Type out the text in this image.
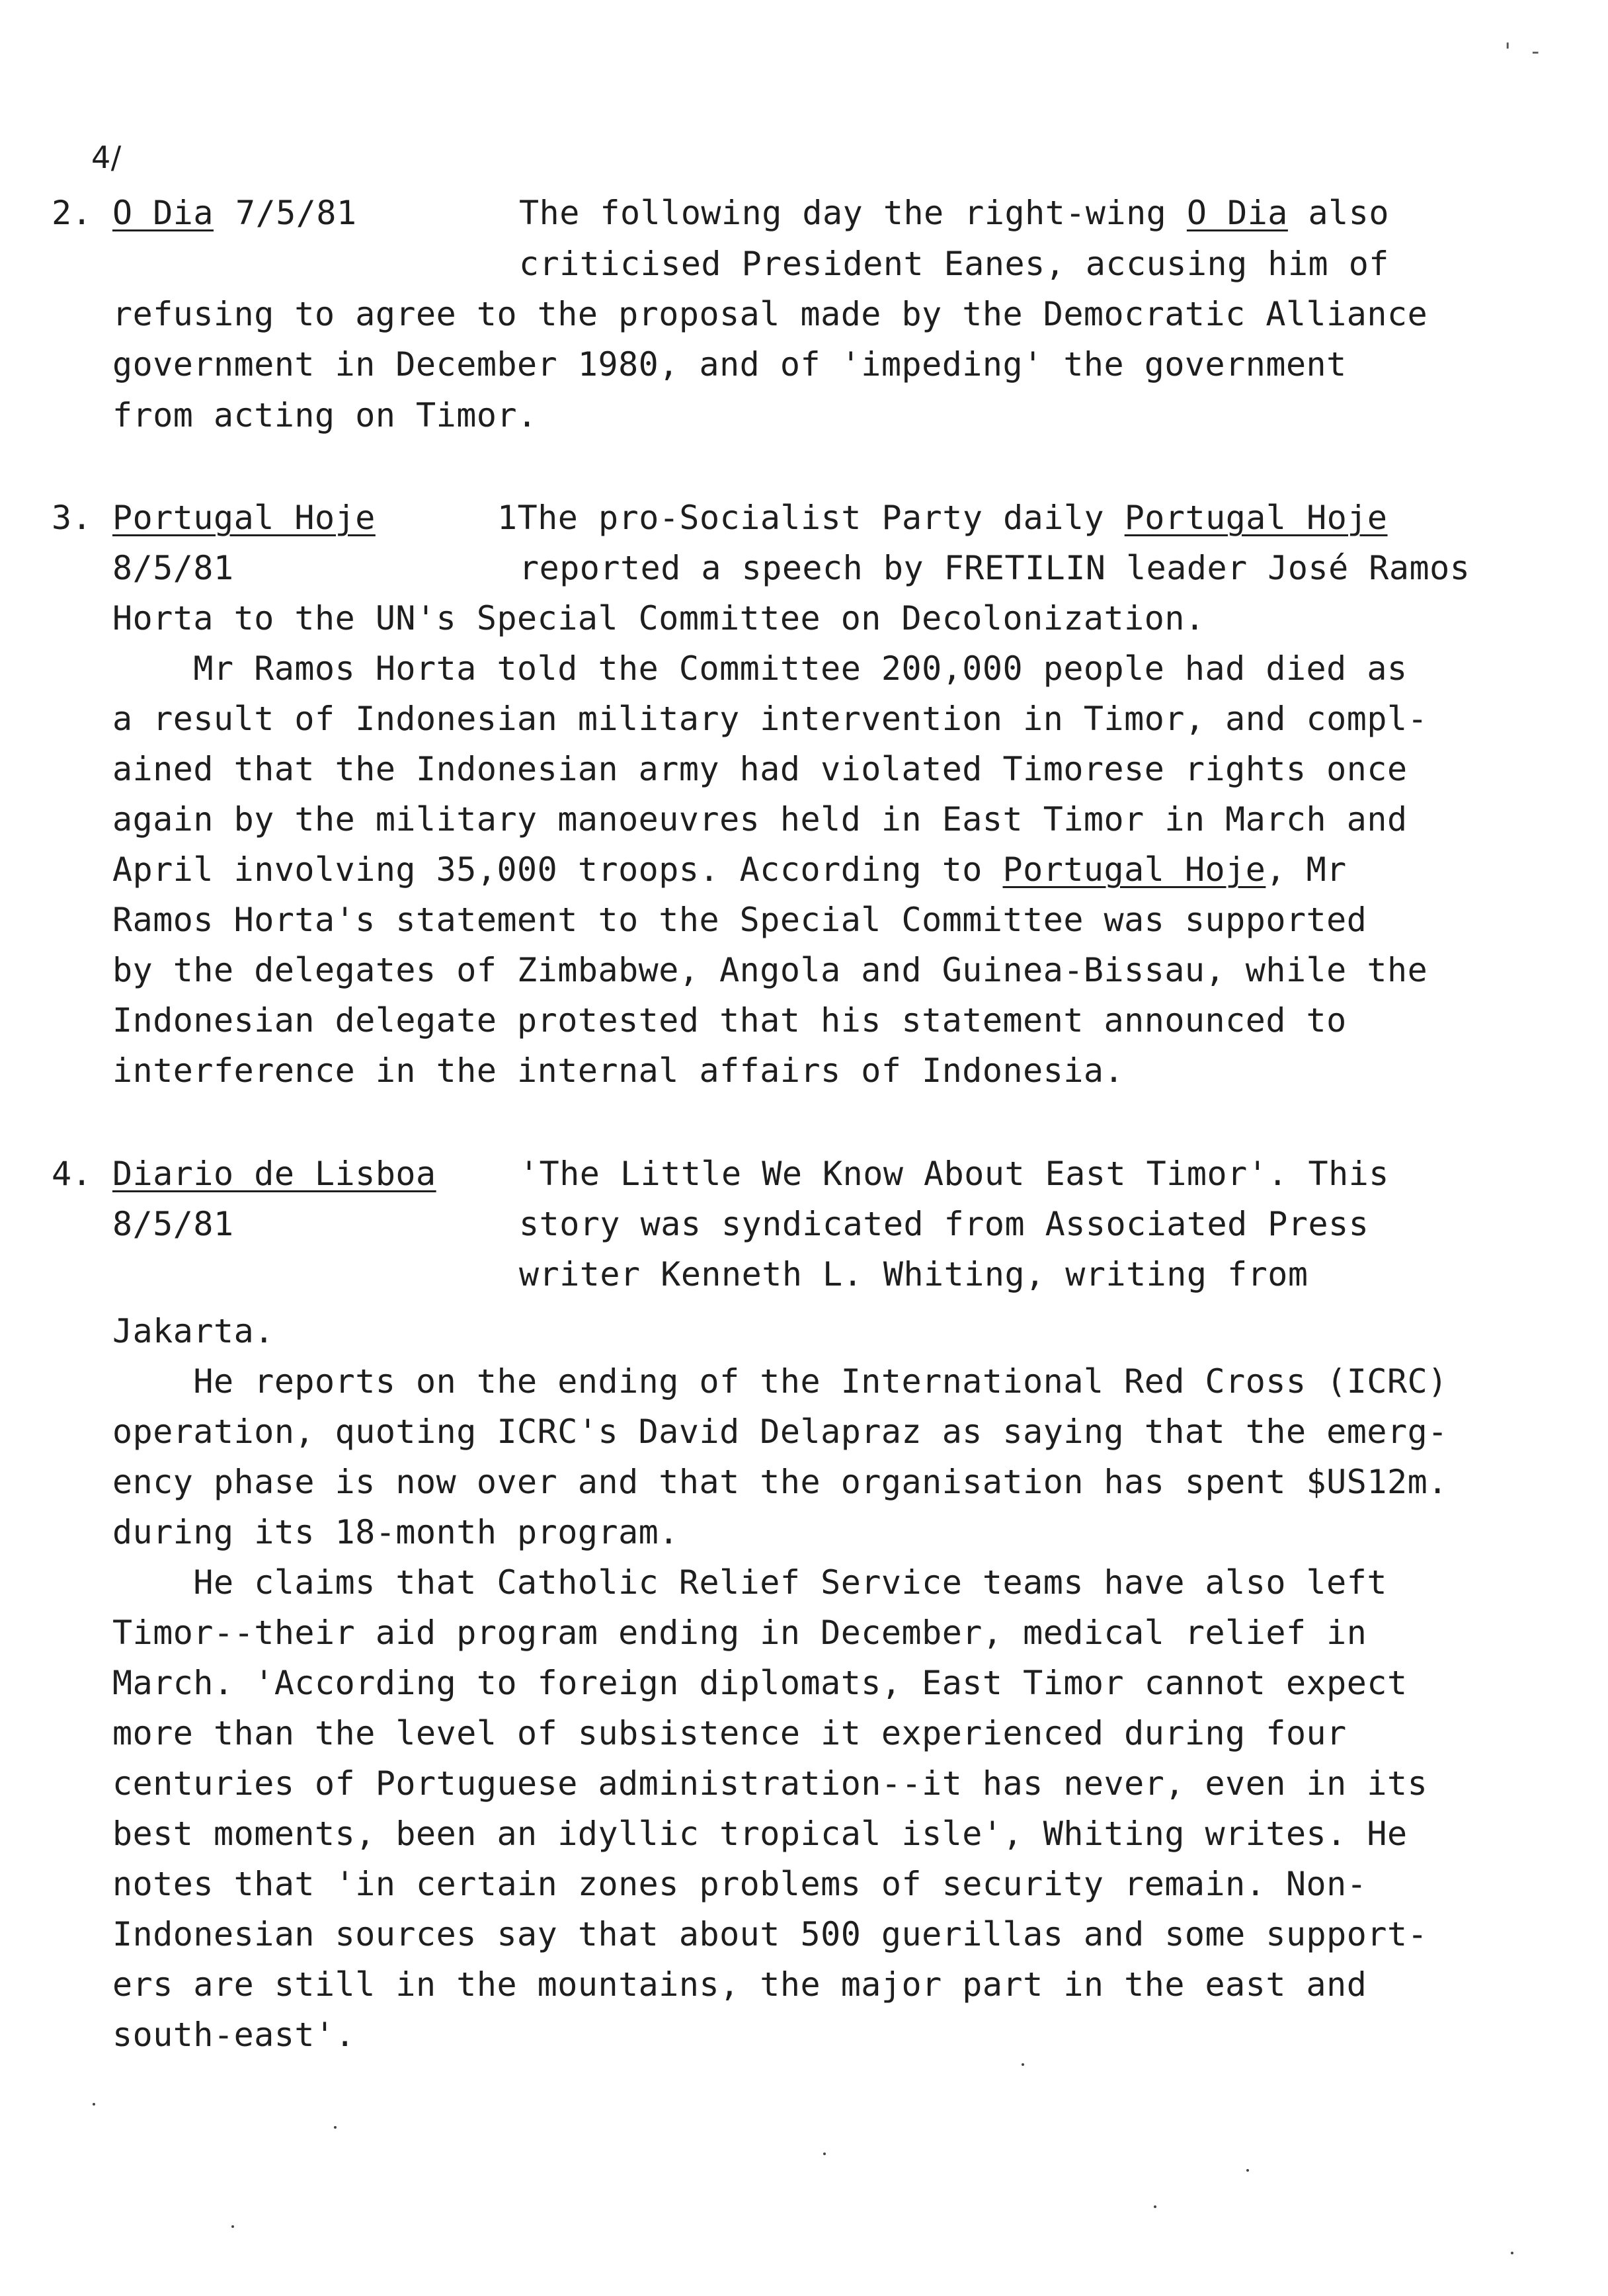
' -
4/
2. O Dia 7/5/81	The following day the right-wing O Dia also
criticised President Eanes, accusing him of
refusing to agree to the proposal made by the Democratic Alliance
government in December 1980, and of 'impeding' the government
from acting on Timor.
3. Portugal Hoje
8/5/81
1The pro-Socialist Party daily Portugal Hoje
reported a speech by FRETILIN leader José Ramos
Horta to the UN's Special Committee on Decolonization.
Mr Ramos Horta told the Committee 200,000 people had died as
a result of Indonesian military intervention in Timor, and compl-
ained that the Indonesian army had violated Timorese rights once
again by the military manoeuvres held in East Timor in March and
April involving 35,000 troops. According to Portugal Hoje, Mr
Ramos Horta's statement to the Special Committee was supported
by the delegates of Zimbabwe, Angola and Guinea-Bissau, while the
Indonesian delegate protested that his statement announced to
interference in the internal affairs of Indonesia.
4. Diario de Lisboa
8/5/81
'The Little We Know About East Timor'. This
story was syndicated from Associated Press
writer Kenneth L. Whiting, writing from
Jakarta.
He reports on the ending of the International Red Cross (ICRC)
operation, quoting ICRC's David Delapraz as saying that the emerg-
ency phase is now over and that the organisation has spent $US12m.
during its 18-month program.
He claims that Catholic Relief Service teams have also left
Timor--their aid program ending in December, medical relief in
March. 'According to foreign diplomats, East Timor cannot expect
more than the level of subsistence it experienced during four
centuries of Portuguese administration--it has never, even in its
best moments, been an idyllic tropical isle', Whiting writes. He
notes that 'in certain zones problems of security remain. Non-
Indonesian sources say that about 500 guerillas and some support-
ers are still in the mountains, the major part in the east and
south-east'.
